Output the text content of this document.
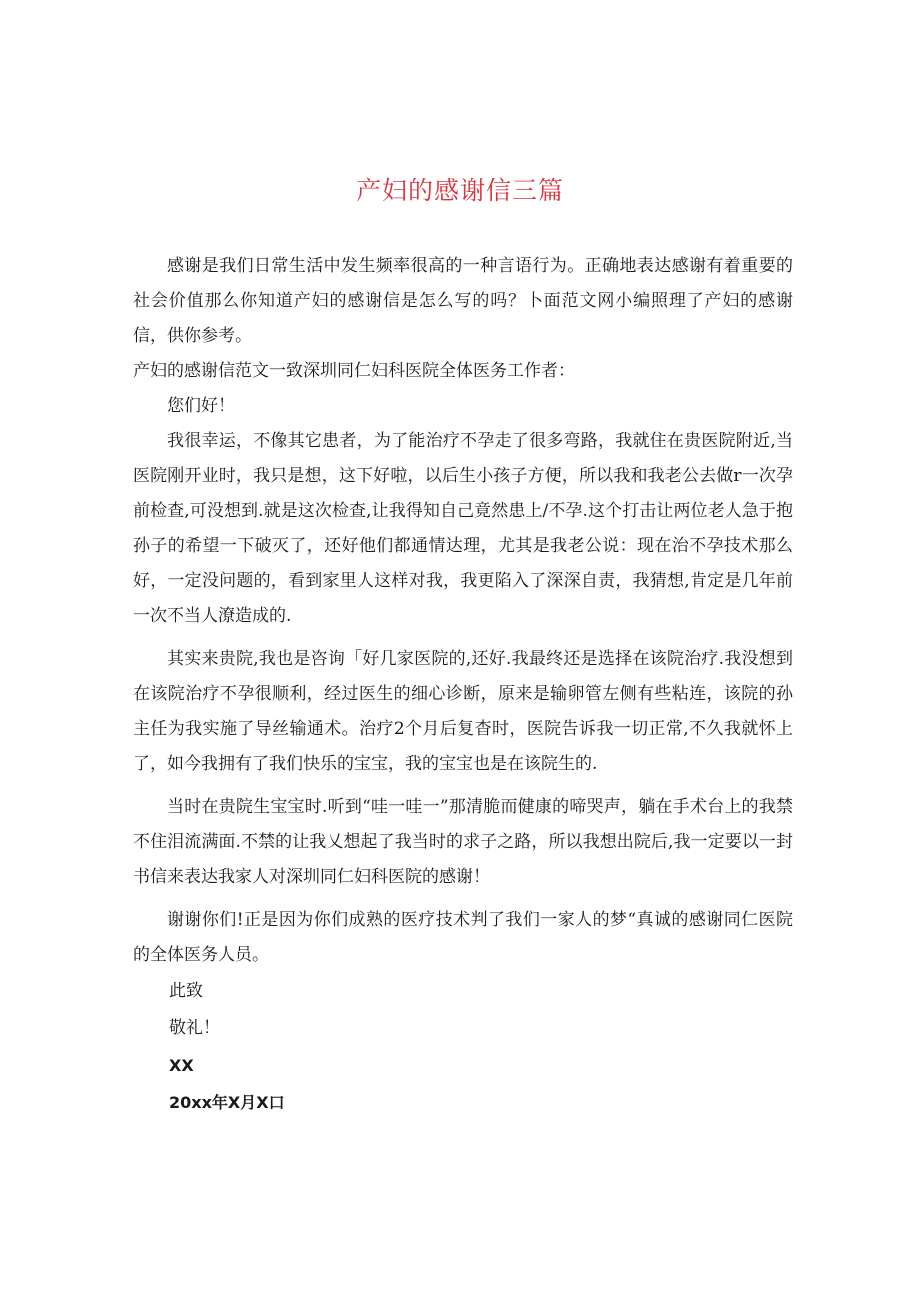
产妇的感谢信三篇

感谢是我们日常生活中发生频率很高的一种言语行为。正确地表达感谢有着重要的社会价值那么你知道产妇的感谢信是怎么写的吗？卜面范文网小编照理了产妇的感谢信，供你参考。

产妇的感谢信范文一致深圳同仁妇科医院全体医务工作者：

您们好！

我很幸运，不像其它患者，为了能治疗不孕走了很多弯路，我就住在贵医院附近,当医院刚开业时，我只是想，这下好啦，以后生小孩子方便，所以我和我老公去做r一次孕前检查,可没想到.就是这次检查,让我得知自己竟然患上/不孕.这个打击让两位老人急于抱孙子的希望一下破灭了，还好他们都通情达理，尤其是我老公说：现在治不孕技术那么好，一定没问题的，看到家里人这样对我，我更陷入了深深自责，我猜想,肯定是几年前一次不当人潦造成的.

其实来贵院,我也是咨询「好几家医院的,还好.我最终还是选择在该院治疗.我没想到在该院治疗不孕很顺利，经过医生的细心诊断，原来是输卵管左侧有些粘连，该院的孙主任为我实施了导丝输通术。治疗2个月后复杳时，医院告诉我一切正常,不久我就怀上了，如今我拥有了我们快乐的宝宝，我的宝宝也是在该院生的.

当时在贵院生宝宝时.听到“哇一哇一”那清脆而健康的啼哭声，躺在手术台上的我禁不住泪流满面.不禁的让我乂想起了我当时的求子之路，所以我想出院后,我一定要以一封书信来表达我家人对深圳同仁妇科医院的感谢！

谢谢你们!正是因为你们成熟的医疗技术判了我们一家人的梦“真诚的感谢同仁医院的全体医务人员。

此致

敬礼！

XX

20xx年X月X口
